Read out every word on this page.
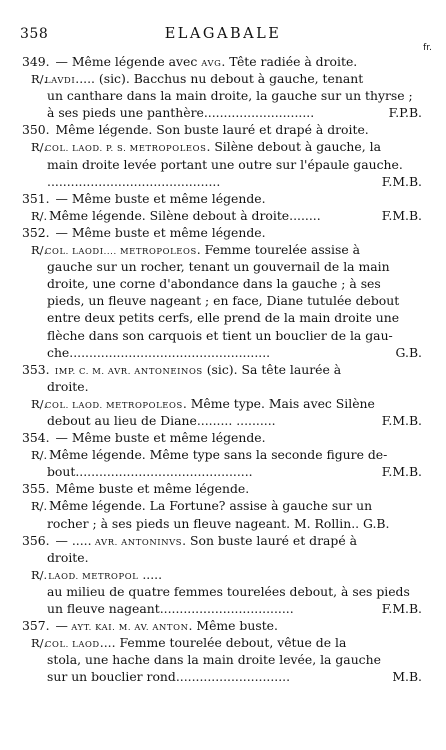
358	ELAGABALE
fr.
349. — Même légende avec AVG. Tête radiée à droite.
R/.LAVDI..... (sic). Bacchus nu debout à gauche, tenant
un canthare dans la main droite, la gauche sur un thyrse ;
à ses pieds une panthère............................	F.P.B.
350. Même légende. Son buste lauré et drapé à droite.
R/.COL. LAOD. P. S. METROPOLEOS. Silène debout à gauche, la
main droite levée portant une outre sur l'épaule gauche.
............................................	F.M.B.
351. — Même buste et même légende.
R/. Même légende. Silène debout à droite........	F.M.B.
352. — Même buste et même légende.
R/.COL. LAODI.... METROPOLEOS. Femme tourelée assise à
gauche sur un rocher, tenant un gouvernail de la main
droite, une corne d'abondance dans la gauche ; à ses
pieds, un fleuve nageant ; en face, Diane tutulée debout
entre deux petits cerfs, elle prend de la main droite une
flèche dans son carquois et tient un bouclier de la gau-
che...................................................	G.B.
353. IMP. C. M. AVR. ANTONEINOS (sic). Sa tête laurée à
droite.
R/.COL. LAOD. METROPOLEOS. Même type. Mais avec Silène
debout au lieu de Diane......... ..........	F.M.B.
354. — Même buste et même légende.
R/. Même légende. Même type sans la seconde figure de-
bout.............................................	F.M.B.
355. Même buste et même légende.
R/. Même légende. La Fortune? assise à gauche sur un
rocher ; à ses pieds un fleuve nageant. M. Rollin.. G.B.
356. — ..... AVR. ANTONINVS. Son buste lauré et drapé à
droite.
R/. LAOD. METROPOL .....
au milieu de quatre femmes tourelées debout, à ses pieds
un fleuve nageant..................................	F.M.B.
357. — AYT. KAI. M. AV. ANTON. Même buste.
R/.COL. LAOD.... Femme tourelée debout, vêtue de la
stola, une hache dans la main droite levée, la gauche
sur un bouclier rond.............................	M.B.
